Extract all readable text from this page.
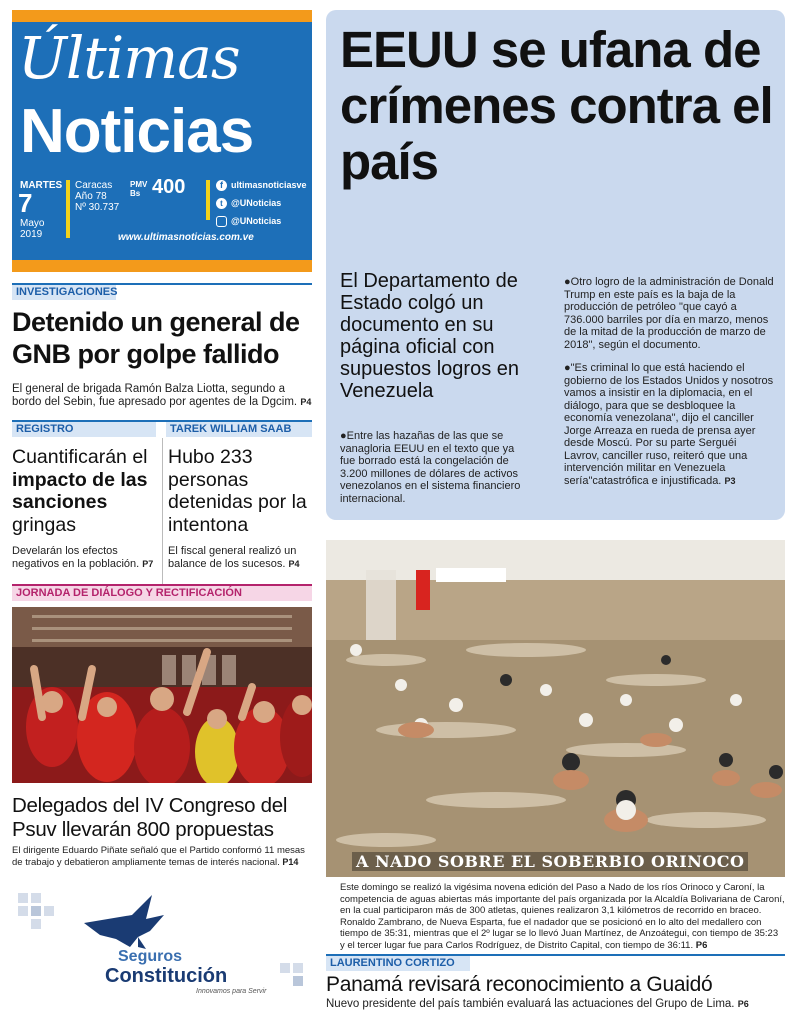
Últimas
Noticias
MARTES
7
Mayo 2019
Caracas Año 78
Nº 30.737
PMV Bs 400	f ultimasnoticiasve
t @UNoticias
@UNoticias
www.ultimasnoticias.com.ve
EEUU se ufana de crímenes contra el país
El Departamento de Estado colgó un documento en su página oficial con supuestos logros en Venezuela
●Entre las hazañas de las que se vanagloria EEUU en el texto que ya fue borrado está la congelación de 3.200 millones de dólares de activos venezolanos en el sistema financiero internacional.
●Otro logro de la administración de Donald Trump en este país es la baja de la producción de petróleo "que cayó a 736.000 barriles por día en marzo, menos de la mitad de la producción de marzo de 2018", según el documento.
●"Es criminal lo que está haciendo el gobierno de los Estados Unidos y nosotros vamos a insistir en la diplomacia, en el diálogo, para que se desbloquee la economía venezolana", dijo el canciller Jorge Arreaza en rueda de prensa ayer desde Moscú. Por su parte Serguéi Lavrov, canciller ruso, reiteró que una intervención militar en Venezuela sería"catastrófica e injustificada. P3
INVESTIGACIONES
Detenido un general de GNB por golpe fallido
El general de brigada Ramón Balza Liotta, segundo a bordo del Sebin, fue apresado por agentes de la Dgcim. P4
REGISTRO	TAREK WILLIAM SAAB
Cuantificarán el impacto de las sanciones gringas
Develarán los efectos negativos en la población. P7
Hubo 233 personas detenidas por la intentona
El fiscal general realizó un balance de los sucesos. P4
JORNADA DE DIÁLOGO Y RECTIFICACIÓN
Delegados del IV Congreso del Psuv llevarán 800 propuestas
El dirigente Eduardo Piñate señaló que el Partido conformó 11 mesas de trabajo y debatieron ampliamente temas de interés nacional. P14	A NADO SOBRE EL SOBERBIO ORINOCO
Este domingo se realizó la vigésima novena edición del Paso a Nado de los ríos Orinoco y Caroní, la competencia de aguas abiertas más importante del país organizada por la Alcaldía Bolivariana de Caroní, en la cual participaron más de 300 atletas, quienes realizaron 3,1 kilómetros de recorrido en braceo. Ronaldo Zambrano, de Nueva Esparta, fue el nadador que se posicionó en lo alto del medallero con tiempo de 35:31, mientras que el 2º lugar se lo llevó Juan Martínez, de Anzoátegui, con tiempo de 35:23 y el tercer lugar fue para Carlos Rodríguez, de Distrito Capital, con tiempo de 36:11. P6
Seguros
Constitución
Innovamos para Servir
LAURENTINO CORTIZO
Panamá revisará reconocimiento a Guaidó
Nuevo presidente del país también evaluará las actuaciones del Grupo de Lima. P6
